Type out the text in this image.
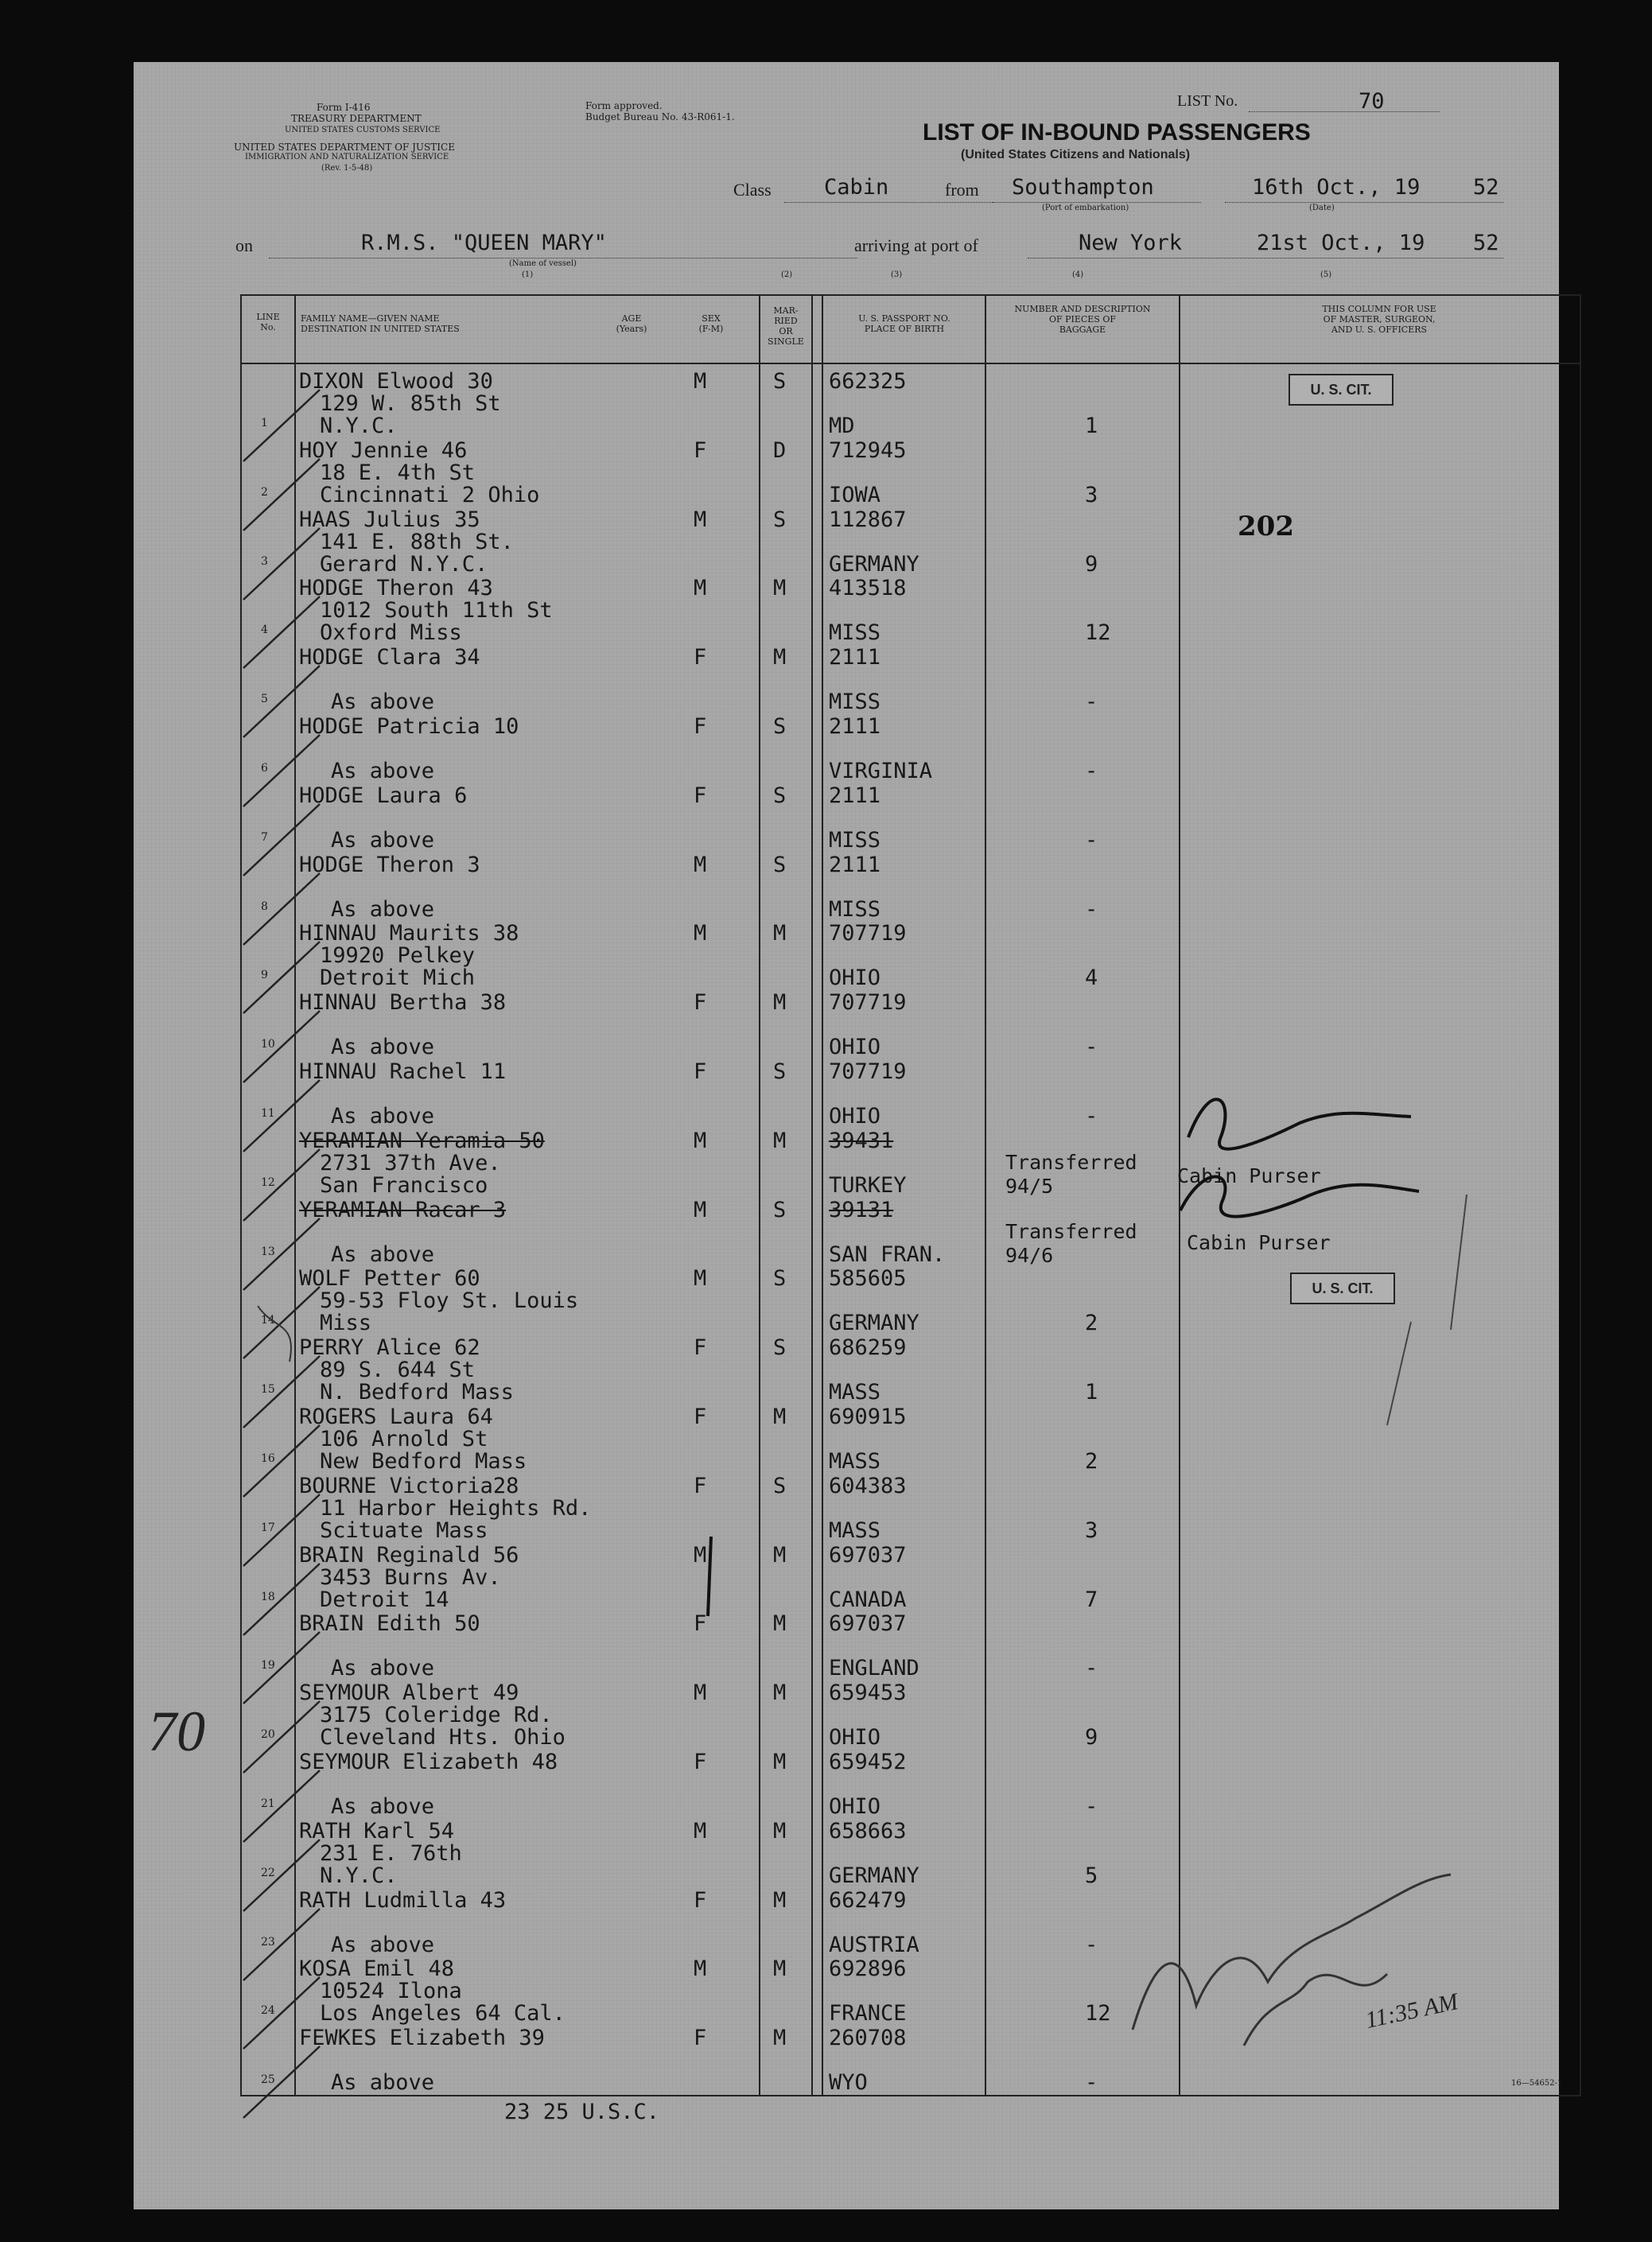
Form I-416
TREASURY DEPARTMENT
UNITED STATES CUSTOMS SERVICE
UNITED STATES DEPARTMENT OF JUSTICE
IMMIGRATION AND NATURALIZATION SERVICE
(Rev. 1-5-48)
Form approved.
Budget Bureau No. 43-R061-1.
LIST No.	70
LIST OF IN-BOUND PASSENGERS
(United States Citizens and Nationals)
Class Cabin	from Southampton
(Port of embarkation)
16th Oct., 19 52
(Date)
on	R.M.S. "QUEEN MARY"
(Name of vessel)
(1)
arriving at port of	New York	21st Oct., 19 52
(2)	(3)	(4)	(5)
LINE
No.
FAMILY NAME—GIVEN NAME
DESTINATION IN UNITED STATES
AGE
(Years)
SEX
(F-M)
MAR-
RIED
OR
SINGLE
U. S. PASSPORT NO.
PLACE OF BIRTH
NUMBER AND DESCRIPTION
OF PIECES OF
BAGGAGE
THIS COLUMN FOR USE
OF MASTER, SURGEON,
AND U. S. OFFICERS
1
DIXON Elwood 30
129 W. 85th St
N.Y.C.
M	S 662325
MD	1
2
HOY Jennie 46
18 E. 4th St
Cincinnati 2 Ohio
F	D 712945
IOWA	3
3
HAAS Julius 35
141 E. 88th St.
Gerard N.Y.C.
M	S 112867
GERMANY	9
4
HODGE Theron 43
1012 South 11th St
Oxford Miss
M	M 413518
MISS	12
5
HODGE Clara 34
As above
F	M 2111
MISS	-
6
HODGE Patricia 10
As above
F	S 2111
VIRGINIA	-
7
HODGE Laura 6
As above
F	S 2111
MISS	-
8
HODGE Theron 3
As above
M	S 2111
MISS	-
9
HINNAU Maurits 38
19920 Pelkey
Detroit Mich
M	M 707719
OHIO	4
10
HINNAU Bertha 38
As above
F	M 707719
OHIO	-
11
HINNAU Rachel 11
As above
F	S 707719
OHIO	-
12
YERAMIAN Yeramia 50
2731 37th Ave.
San Francisco
M	M 39431
TURKEY
Transferred 94/5
13
YERAMIAN Racar 3
As above
M	S 39131
SAN FRAN.
Transferred 94/6
14
WOLF Petter 60
59-53 Floy St. Louis
Miss
M	S 585605
GERMANY	2
15
PERRY Alice 62
89 S. 644 St
N. Bedford Mass
F	S 686259
MASS	1
16
ROGERS Laura 64
106 Arnold St
New Bedford Mass
F	M 690915
MASS	2
17
BOURNE Victoria28
11 Harbor Heights Rd.
Scituate Mass
F	S 604383
MASS	3
18
BRAIN Reginald 56
3453 Burns Av.
Detroit 14
M	M 697037
CANADA	7
19
BRAIN Edith 50
As above
F	M 697037
ENGLAND	-
20
SEYMOUR Albert 49
3175 Coleridge Rd.
Cleveland Hts. Ohio
M	M 659453
OHIO	9
21
SEYMOUR Elizabeth 48
As above
F	M 659452
OHIO	-
22
RATH Karl 54
231 E. 76th
N.Y.C.
M	M 658663
GERMANY	5
23
RATH Ludmilla 43
As above
F	M 662479
AUSTRIA	-
24
KOSA Emil 48
10524 Ilona
Los Angeles 64 Cal.
M	M 692896
FRANCE	12
25
FEWKES Elizabeth 39
As above
F	M 260708
WYO	-
U. S. CIT.
202
U. S. CIT.
Cabin Purser
Cabin Purser
16—54652-1
11:35 AM
70
23 25 U.S.C.
